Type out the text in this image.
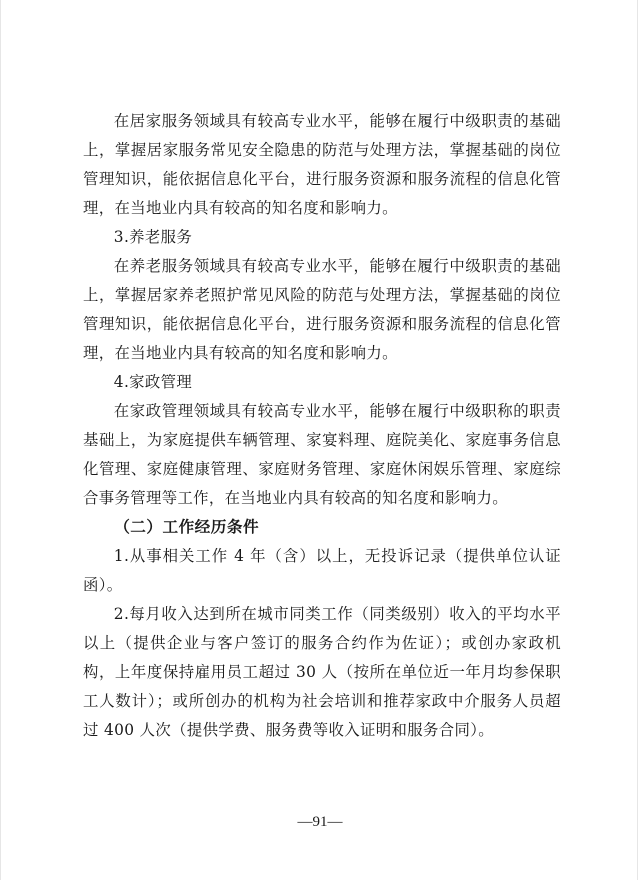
在居家服务领域具有较高专业水平，能够在履行中级职责的基础上，掌握居家服务常见安全隐患的防范与处理方法，掌握基础的岗位管理知识，能依据信息化平台，进行服务资源和服务流程的信息化管理，在当地业内具有较高的知名度和影响力。

3.养老服务

在养老服务领域具有较高专业水平，能够在履行中级职责的基础上，掌握居家养老照护常见风险的防范与处理方法，掌握基础的岗位管理知识，能依据信息化平台，进行服务资源和服务流程的信息化管理，在当地业内具有较高的知名度和影响力。

4.家政管理

在家政管理领域具有较高专业水平，能够在履行中级职称的职责基础上，为家庭提供车辆管理、家宴料理、庭院美化、家庭事务信息化管理、家庭健康管理、家庭财务管理、家庭休闲娱乐管理、家庭综合事务管理等工作，在当地业内具有较高的知名度和影响力。

（二）工作经历条件

1.从事相关工作 4 年（含）以上，无投诉记录（提供单位认证函）。

2.每月收入达到所在城市同类工作（同类级别）收入的平均水平以上（提供企业与客户签订的服务合约作为佐证）；或创办家政机构，上年度保持雇用员工超过 30 人（按所在单位近一年月均参保职工人数计）；或所创办的机构为社会培训和推荐家政中介服务人员超过 400 人次（提供学费、服务费等收入证明和服务合同）。

—91—
